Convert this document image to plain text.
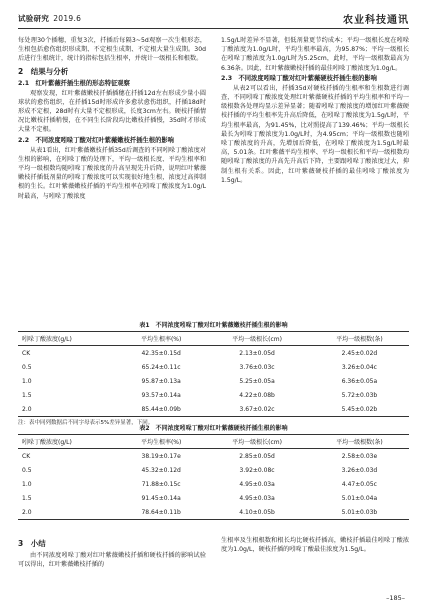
试验研究 2019.6	农业科技通讯

每处理30个插穗，重复3次，扦插后每隔3~5d观察一次生根形态，生根包括愈伤组织形成期、不定根生成期、不定根大量生成期。30d后进行生根统计，统计的指标包括生根率，并统计一级根长和根数。

2　结果与分析
2.1　红叶紫薇扦插生根的形态特征观察

观察发现，红叶紫薇嫩枝扦插插穗在扦插12d左右形成少量小圆球状的愈伤组织，在扦插15d时形成许多愈状愈伤组织，扦插18d时形成不定根，28d时有大量不定根形成，长度3cm左右。硬枝扦插情况比嫩枝扦插稍慢，在不同生长阶段均比嫩枝扦插慢，35d时才形成大量不定根。

2.2　不同浓度吲哚丁酸对红叶紫薇嫩枝扦插生根的影响

从表1看出，红叶紫薇嫩枝扦插35d后调查的不同吲哚丁酸浓度对生根的影响，在吲哚丁酸的处理下，平均一级根长度、平均生根率和平均一级根数均随吲哚丁酸浓度的升高呈现先升后降，说明红叶紫薇嫩枝扦插低剂量的吲哚丁酸浓度可以实现很好地生根，浓度过高抑制根的生长。红叶紫薇嫩枝扦插的平均生根率在吲哚丁酸浓度为1.0g/L时最高，与吲哚丁酸浓度

1.5g/L时差异不显著，但低剂量更节约成本；平均一级根长度在吲哚丁酸浓度为1.0g/L时，平均生根率最高，为95.87%；平均一级根长在吲哚丁酸浓度为1.0g/L时为5.25cm，此时，平均一级根数最高为6.36条。因此，红叶紫薇嫩枝扦插的最佳吲哚丁酸浓度为1.0g/L。

2.3　不同浓度吲哚丁酸对红叶紫薇硬枝扦插生根的影响

从表2可以看出，扦插35d对硬枝扦插的生根率和生根数进行调查，不同吲哚丁酸浓度处理红叶紫薇硬枝扦插的平均生根率和平均一级根数各处理均显示差异显著；随着吲哚丁酸浓度的增加红叶紫薇硬枝扦插的平均生根率先升高后降低，在吲哚丁酸浓度为1.5g/L时，平均生根率最高，为91.45%，比对照提高了139.46%；平均一级根长最长为吲哚丁酸浓度为1.0g/L时，为4.95cm；平均一级根数也随吲哚丁酸浓度的升高，先增加后降低，在吲哚丁酸浓度为1.5g/L时最高，5.01条。红叶紫薇平均生根率、平均一级根长和平均一级根数均随吲哚丁酸浓度的升高先升高后下降，主要跟吲哚丁酸浓度过大，抑制生根有关系。因此，红叶紫薇硬枝扦插的最佳吲哚丁酸浓度为1.5g/L。

表1　不同浓度吲哚丁酸对红叶紫薇嫩枝扦插生根的影响
吲哚丁酸浓度(g/L)	平均生根率(%)	平均一级根长(cm)	平均一级根数(条)
CK	42.35±0.15d	2.13±0.05d	2.45±0.02d
0.5	65.24±0.11c	3.76±0.03c	3.26±0.04c
1.0	95.87±0.13a	5.25±0.05a	6.36±0.05a
1.5	93.57±0.14a	4.22±0.08b	5.72±0.03b
2.0	85.44±0.09b	3.67±0.02c	5.45±0.02b
注：表中同列数据后不同字母表示5%差异显著，下同。
表2　不同浓度吲哚丁酸对红叶紫薇硬枝扦插生根的影响
吲哚丁酸浓度(g/L)	平均生根率(%)	平均一级根长(cm)	平均一级根数(条)
CK	38.19±0.17e	2.85±0.05d	2.58±0.03e
0.5	45.32±0.12d	3.92±0.08c	3.26±0.03d
1.0	71.88±0.15c	4.95±0.03a	4.47±0.05c
1.5	91.45±0.14a	4.95±0.03a	5.01±0.04a
2.0	78.64±0.11b	4.10±0.05b	5.01±0.03b
3　小结

由不同浓度吲哚丁酸对红叶紫薇嫩枝扦插和硬枝扦插的影响试验可以得出，红叶紫薇嫩枝扦插的

生根率及生根根数和根长均比硬枝扦插高，嫩枝扦插最佳吲哚丁酸浓度为1.0g/L，硬枝扦插的吲哚丁酸最佳浓度为1.5g/L。

–185–
